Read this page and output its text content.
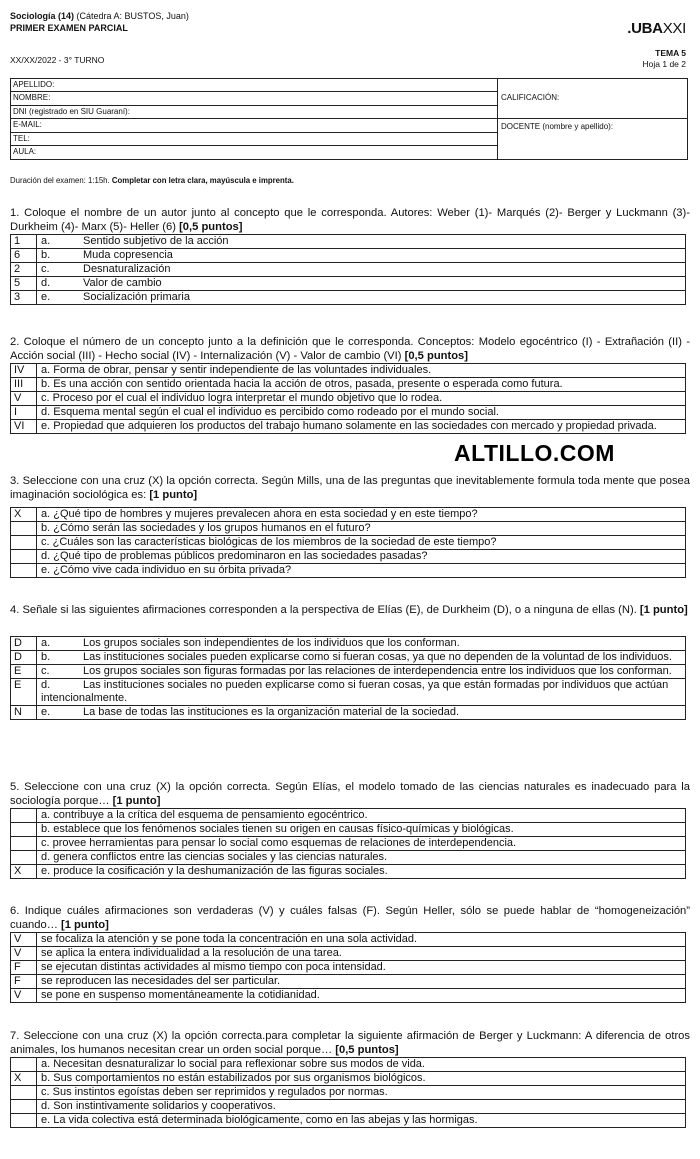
Sociología (14) (Cátedra A: BUSTOS, Juan)
PRIMER EXAMEN PARCIAL
XX/XX/2022 - 3° TURNO
.UBAXXI
TEMA 5
Hoja 1 de 2
APELLIDO:
NOMBRE:
DNI (registrado en SIU Guaraní):
E-MAIL:
TEL:
AULA:
CALIFICACIÓN:
DOCENTE (nombre y apellido):
Duración del examen: 1:15h. Completar con letra clara, mayúscula e imprenta.
ALTILLO.COM
1. Coloque el nombre de un autor junto al concepto que le corresponda. Autores: Weber (1)- Marqués (2)- Berger y Luckmann (3)- Durkheim (4)- Marx (5)- Heller (6) [0,5 puntos]
1	a. Sentido subjetivo de la acción
6	b. Muda copresencia
2	c. Desnaturalización
5	d. Valor de cambio
3	e. Socialización primaria
2. Coloque el número de un concepto junto a la definición que le corresponda. Conceptos: Modelo egocéntrico (I) - Extrañación (II) - Acción social (III) - Hecho social (IV) - Internalización (V) - Valor de cambio (VI) [0,5 puntos]
IV	a. Forma de obrar, pensar y sentir independiente de las voluntades individuales.
III	b. Es una acción con sentido orientada hacia la acción de otros, pasada, presente o esperada como futura.
V	c. Proceso por el cual el individuo logra interpretar el mundo objetivo que lo rodea.
I	d. Esquema mental según el cual el individuo es percibido como rodeado por el mundo social.
VI	e. Propiedad que adquieren los productos del trabajo humano solamente en las sociedades con mercado y propiedad privada.
3. Seleccione con una cruz (X) la opción correcta. Según Mills, una de las preguntas que inevitablemente formula toda mente que posea imaginación sociológica es: [1 punto]
X	a. ¿Qué tipo de hombres y mujeres prevalecen ahora en esta sociedad y en este tiempo?
	b. ¿Cómo serán las sociedades y los grupos humanos en el futuro?
	c. ¿Cuáles son las características biológicas de los miembros de la sociedad de este tiempo?
	d. ¿Qué tipo de problemas públicos predominaron en las sociedades pasadas?
	e. ¿Cómo vive cada individuo en su órbita privada?
4. Señale si las siguientes afirmaciones corresponden a la perspectiva de Elías (E), de Durkheim (D), o a ninguna de ellas (N). [1 punto]
D	a. Los grupos sociales son independientes de los individuos que los conforman.
D	b. Las instituciones sociales pueden explicarse como si fueran cosas, ya que no dependen de la voluntad de los individuos.
E	c. Los grupos sociales son figuras formadas por las relaciones de interdependencia entre los individuos que los conforman.
E	d. Las instituciones sociales no pueden explicarse como si fueran cosas, ya que están formadas por individuos que actúan intencionalmente.
N	e. La base de todas las instituciones es la organización material de la sociedad.
5. Seleccione con una cruz (X) la opción correcta. Según Elías, el modelo tomado de las ciencias naturales es inadecuado para la sociología porque… [1 punto]
	a. contribuye a la crítica del esquema de pensamiento egocéntrico.
	b. establece que los fenómenos sociales tienen su origen en causas físico-químicas y biológicas.
	c. provee herramientas para pensar lo social como esquemas de relaciones de interdependencia.
	d. genera conflictos entre las ciencias sociales y las ciencias naturales.
X	e. produce la cosificación y la deshumanización de las figuras sociales.
6. Indique cuáles afirmaciones son verdaderas (V) y cuáles falsas (F). Según Heller, sólo se puede hablar de “homogeneización” cuando… [1 punto]
V	se focaliza la atención y se pone toda la concentración en una sola actividad.
V	se aplica la entera individualidad a la resolución de una tarea.
F	se ejecutan distintas actividades al mismo tiempo con poca intensidad.
F	se reproducen las necesidades del ser particular.
V	se pone en suspenso momentáneamente la cotidianidad.
7. Seleccione con una cruz (X) la opción correcta.para completar la siguiente afirmación de Berger y Luckmann: A diferencia de otros animales, los humanos necesitan crear un orden social porque… [0,5 puntos]
	a. Necesitan desnaturalizar lo social para reflexionar sobre sus modos de vida.
X	b. Sus comportamientos no están estabilizados por sus organismos biológicos.
	c. Sus instintos egoístas deben ser reprimidos y regulados por normas.
	d. Son instintivamente solidarios y cooperativos.
	e. La vida colectiva está determinada biológicamente, como en las abejas y las hormigas.
